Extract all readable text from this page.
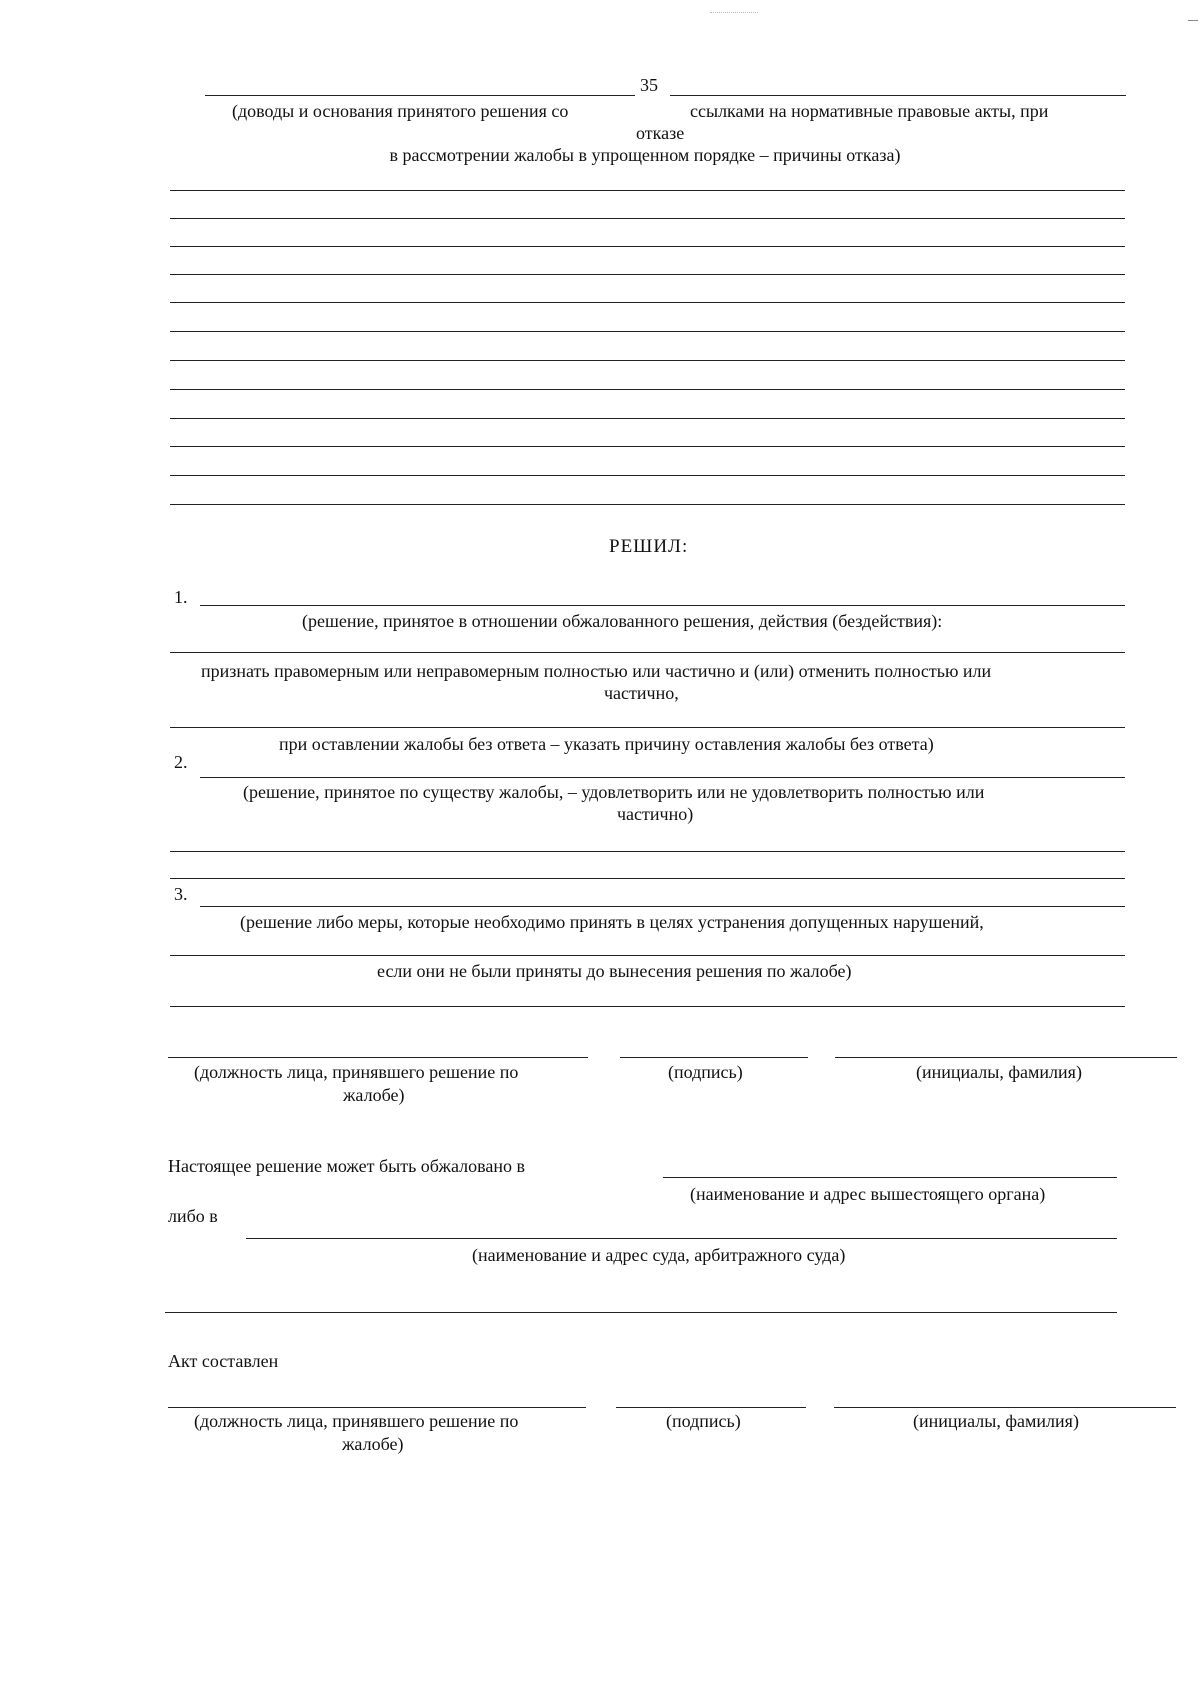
35
(доводы и основания принятого решения со	ссылками на нормативные правовые акты, при
отказе
в рассмотрении жалобы в упрощенном порядке – причины отказа)
РЕШИЛ:
1.
(решение, принятое в отношении обжалованного решения, действия (бездействия):
признать правомерным или неправомерным полностью или частично и (или) отменить полностью или
частично,
при оставлении жалобы без ответа – указать причину оставления жалобы без ответа)
2.
(решение, принятое по существу жалобы, – удовлетворить или не удовлетворить полностью или
частично)
3.
(решение либо меры, которые необходимо принять в целях устранения допущенных нарушений,
если они не были приняты до вынесения решения по жалобе)
(должность лица, принявшего решение по	(подпись)	(инициалы, фамилия)
жалобе)
Настоящее решение может быть обжаловано в
(наименование и адрес вышестоящего органа)
либо в
(наименование и адрес суда, арбитражного суда)
Акт составлен
(должность лица, принявшего решение по	(подпись)	(инициалы, фамилия)
жалобе)
